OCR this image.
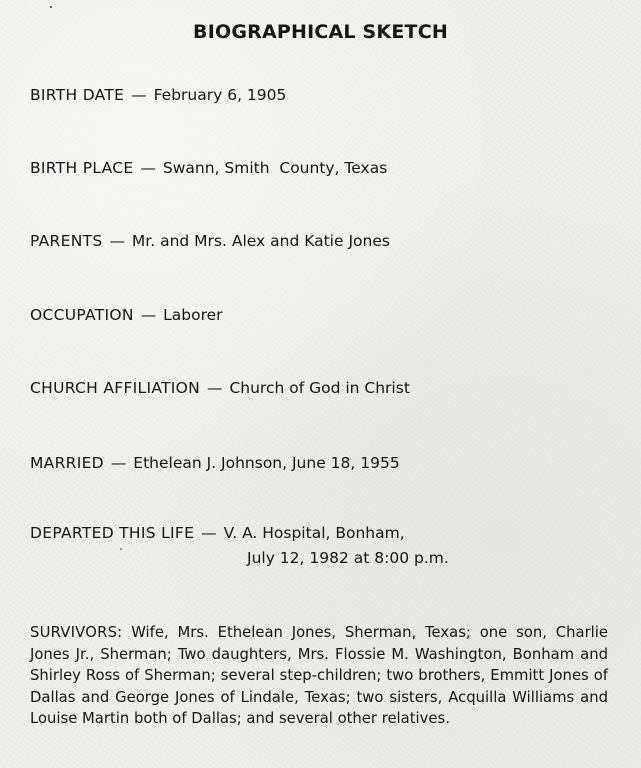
BIOGRAPHICAL SKETCH

BIRTH DATE — February 6, 1905

BIRTH PLACE — Swann, Smith  County, Texas

PARENTS — Mr. and Mrs. Alex and Katie Jones

OCCUPATION — Laborer

CHURCH AFFILIATION — Church of God in Christ

MARRIED — Ethelean J. Johnson, June 18, 1955

DEPARTED THIS LIFE — V. A. Hospital, Bonham,

July 12, 1982 at 8:00 p.m.

SURVIVORS: Wife, Mrs. Ethelean Jones, Sherman, Texas; one son, Charlie Jones Jr., Sherman; Two daughters, Mrs. Flossie M. Washington, Bonham and Shirley Ross of Sherman; several step-children; two brothers, Emmitt Jones of Dallas and George Jones of Lindale, Texas; two sisters, Acquilla Williams and Louise Martin both of Dallas; and several other relatives.
